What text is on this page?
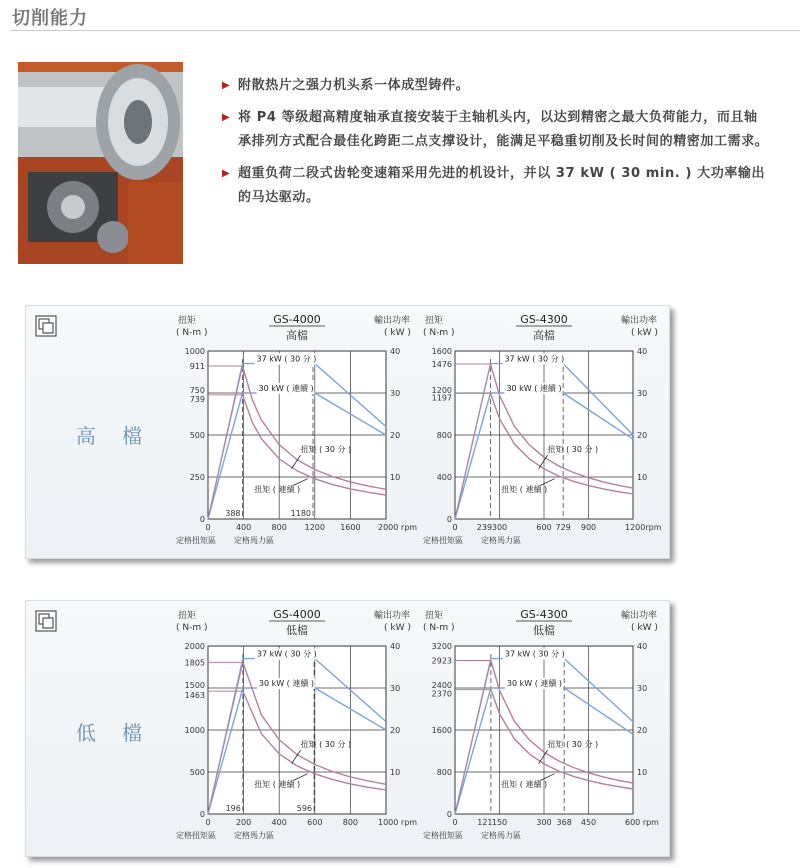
切削能力
▶ 附散热片之强力机头系一体成型铸件。
▶ 将 P4 等级超高精度轴承直接安装于主轴机头内，以达到精密之最大负荷能力，而且轴承排列方式配合最佳化跨距二点支撑设计，能满足平稳重切削及长时间的精密加工需求。
▶ 超重负荷二段式齿轮变速箱采用先进的机设计，并以 37 kW ( 30 min. ) 大功率输出的马达驱动。
高 檔
扭矩
( N-m )
輸出功率
( kW )
GS-4000
高檔
0	400	800 1200 1600 2000 rpm
10
20
30
40
0
250
500
739
750
911
1000
388	1180
37 kW ( 30 分 )
30 kW ( 連續 )
扭矩 ( 30 分 )
扭矩 ( 連續 )
定格扭矩區 定格馬力區
扭矩
( N-m )
輸出功率
( kW )
GS-4300
高檔
0	300	600	900	1200rpm
10
20
30
40
0
400
800
1197
1200
1476
1600
239	729
37 kW ( 30 分 )
30 kW ( 連續 )
扭矩 ( 30 分 )
扭矩 ( 連續 )
定格扭矩區 定格馬力區
低 檔
扭矩
( N-m )
輸出功率
( kW )
GS-4000
低檔
0	200	400	600	800 1000 rpm
10
20
30
40
0
500
1000
1463
1500
1805
2000
196	596
37 kW ( 30 分 )
30 kW ( 連續 )
扭矩 ( 30 分 )
扭矩 ( 連續 )
定格扭矩區 定格馬力區
扭矩
( N-m )
輸出功率
( kW )
GS-4300
低檔
0	150	300	450	600 rpm
10
20
30
40
0
800
1600
2370
2400
2923
3200
121	368
37 kW ( 30 分 )
30 kW ( 連續 )
扭矩 ( 30 分 )
扭矩 ( 連續 )
定格扭矩區 定格馬力區
